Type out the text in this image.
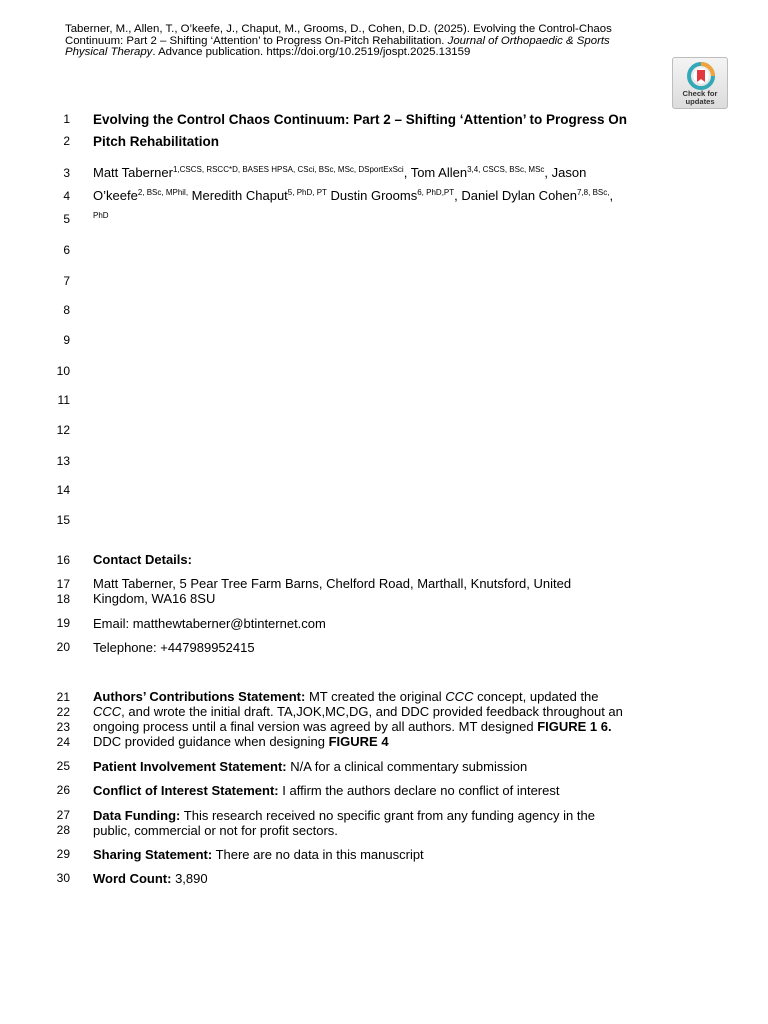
Taberner, M., Allen, T., O’keefe, J., Chaput, M., Grooms, D., Cohen, D.D. (2025). Evolving the Control-Chaos
Continuum: Part 2 – Shifting ‘Attention’ to Progress On-Pitch Rehabilitation. Journal of Orthopaedic & Sports
Physical Therapy. Advance publication. https://doi.org/10.2519/jospt.2025.13159
Check for
updates
1
2
3
4
5
6
7
8
9
10
11
12
13
14
15
16
17
18
19
20
21
22
23
24
25
26
27
28
29
30
Evolving the Control Chaos Continuum: Part 2 – Shifting ‘Attention’ to Progress On
Pitch Rehabilitation
Matt Taberner$^{1,CSCS, RSCC*D, BASES HPSA, CSci, BSc, MSc, DSportExSci}$, Tom Allen$^{3,4, CSCS, BSc, MSc}$, Jason
O’keefe$^{2, BSc, MPhil,}$ Meredith Chaput$^{5, PhD, PT}$ Dustin Grooms$^{6, PhD,PT}$, Daniel Dylan Cohen$^{7,8, BSc,}$,
PhD
Contact Details:
Matt Taberner, 5 Pear Tree Farm Barns, Chelford Road, Marthall, Knutsford, United
Kingdom, WA16 8SU
Email: matthewtaberner@btinternet.com
Telephone: +447989952415
Authors’ Contributions Statement: MT created the original CCC concept, updated the
CCC, and wrote the initial draft. TA,JOK,MC,DG, and DDC provided feedback throughout an
ongoing process until a final version was agreed by all authors. MT designed FIGURE 1 6.
DDC provided guidance when designing FIGURE 4
Patient Involvement Statement: N/A for a clinical commentary submission
Conflict of Interest Statement: I affirm the authors declare no conflict of interest
Data Funding: This research received no specific grant from any funding agency in the
public, commercial or not for profit sectors.
Sharing Statement: There are no data in this manuscript
Word Count: 3,890
